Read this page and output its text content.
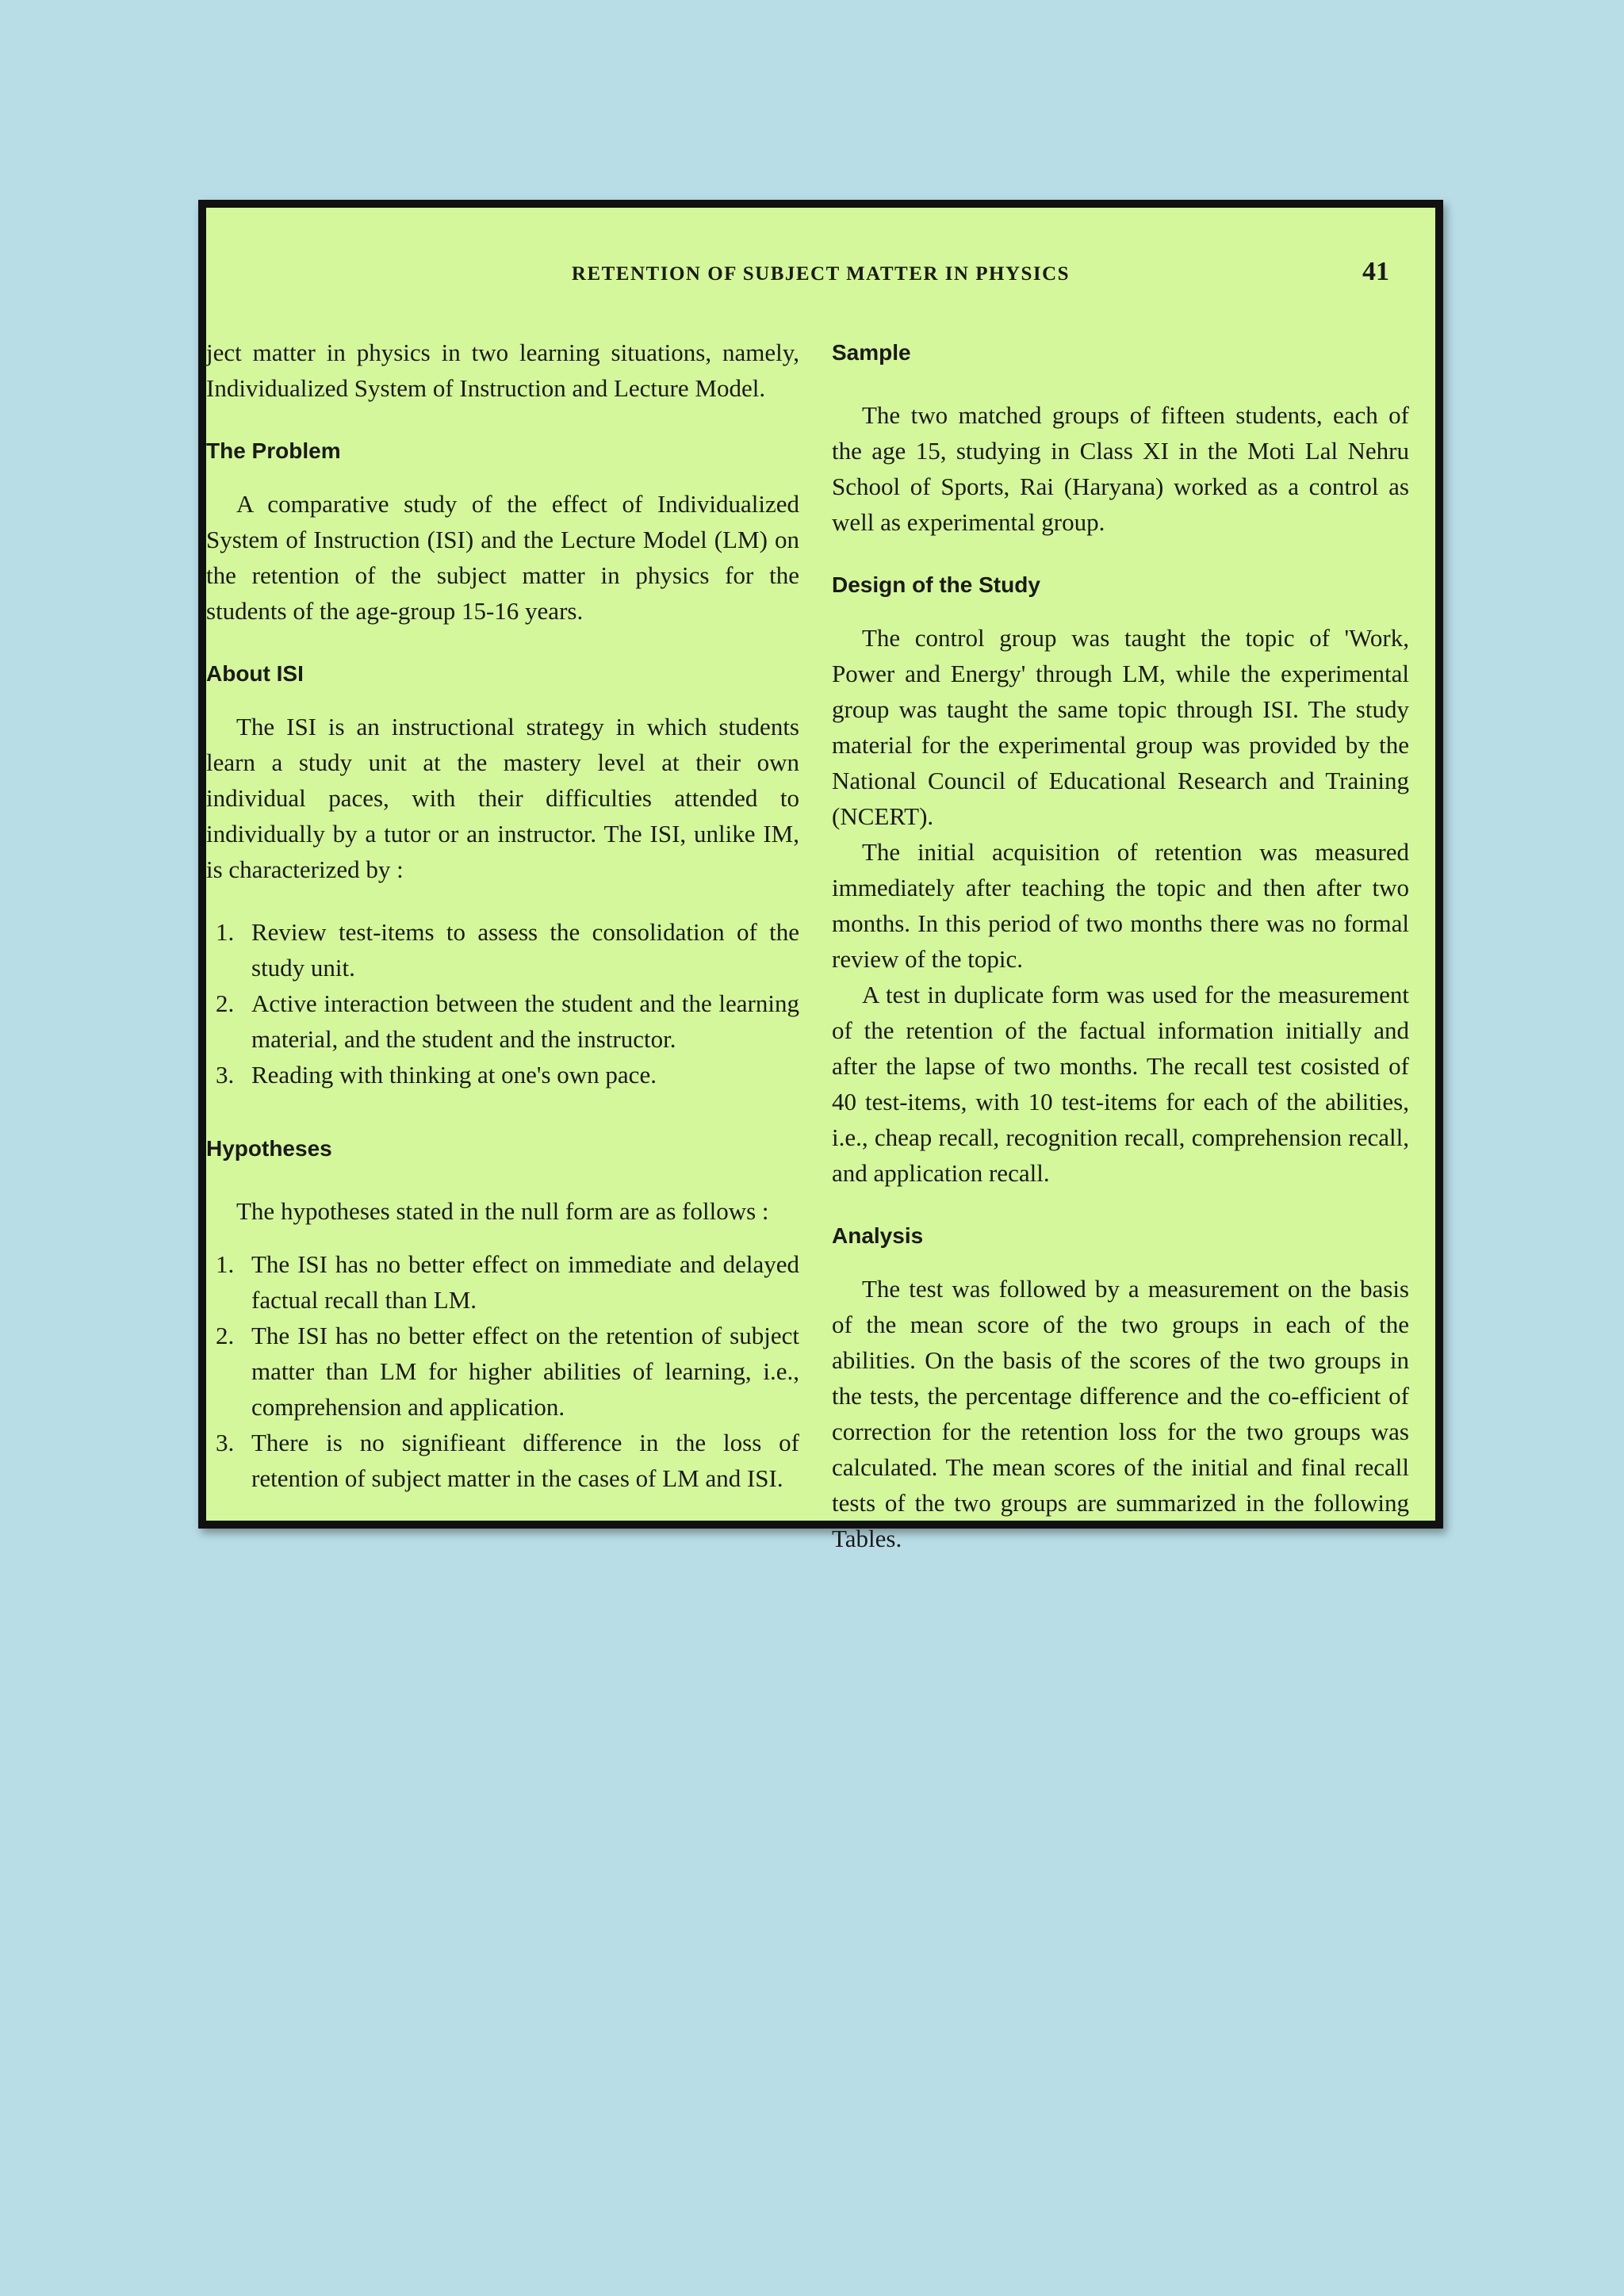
RETENTION OF SUBJECT MATTER IN PHYSICS	41

ject matter in physics in two learning situations, namely, Individualized System of Instruction and Lecture Model.

The Problem

A comparative study of the effect of Individualized System of Instruction (ISI) and the Lecture Model (LM) on the retention of the subject matter in physics for the students of the age-group 15-16 years.

About ISI

The ISI is an instructional strategy in which students learn a study unit at the mastery level at their own individual paces, with their difficulties attended to individually by a tutor or an instructor. The ISI, unlike IM, is characterized by :

1. Review test-items to assess the consolidation of the study unit.
2. Active interaction between the student and the learning material, and the student and the instructor.
3. Reading with thinking at one's own pace.
Hypotheses

The hypotheses stated in the null form are as follows :

1. The ISI has no better effect on immediate and delayed factual recall than LM.
2. The ISI has no better effect on the retention of subject matter than LM for higher abilities of learning, i.e., comprehension and application.
3. There is no signifieant difference in the loss of retention of subject matter in the cases of LM and ISI.
Sample

The two matched groups of fifteen students, each of the age 15, studying in Class XI in the Moti Lal Nehru School of Sports, Rai (Haryana) worked as a control as well as experimental group.

Design of the Study

The control group was taught the topic of 'Work, Power and Energy' through LM, while the experimental group was taught the same topic through ISI. The study material for the experimental group was provided by the National Council of Educational Research and Training (NCERT).

The initial acquisition of retention was measured immediately after teaching the topic and then after two months. In this period of two months there was no formal review of the topic.

A test in duplicate form was used for the measurement of the retention of the factual information initially and after the lapse of two months. The recall test cosisted of 40 test-items, with 10 test-items for each of the abilities, i.e., cheap recall, recognition recall, comprehension recall, and application recall.

Analysis

The test was followed by a measurement on the basis of the mean score of the two groups in each of the abilities. On the basis of the scores of the two groups in the tests, the percentage difference and the co-efficient of correction for the retention loss for the two groups was calculated. The mean scores of the initial and final recall tests of the two groups are summarized in the following Tables.
